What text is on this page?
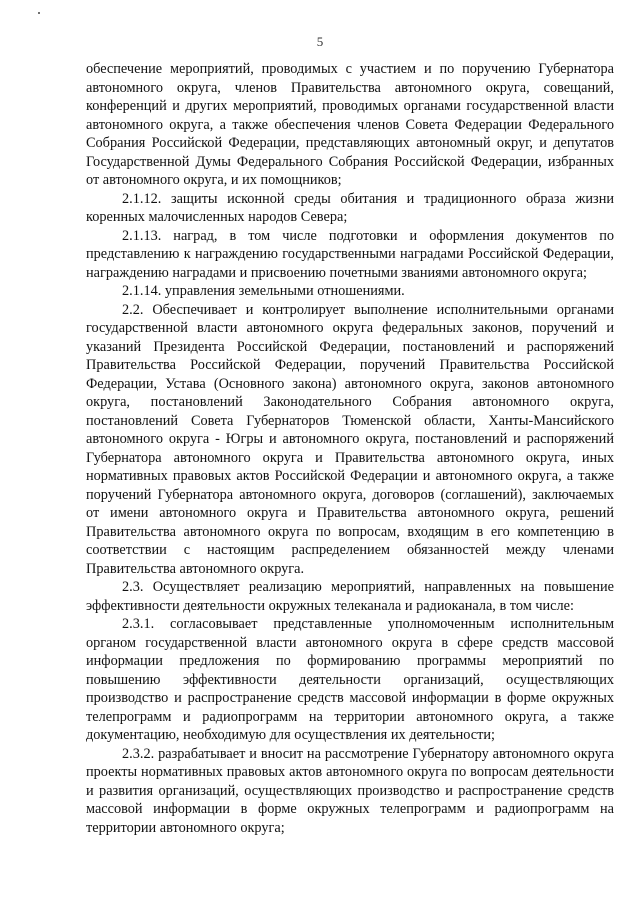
5

обеспечение мероприятий, проводимых с участием и по поручению Губернатора автономного округа, членов Правительства автономного округа, совещаний, конференций и других мероприятий, проводимых органами государственной власти автономного округа, а также обеспечения членов Совета Федерации Федерального Собрания Российской Федерации, представляющих автономный округ, и депутатов Государственной Думы Федерального Собрания Российской Федерации, избранных от автономного округа, и их помощников;

2.1.12. защиты исконной среды обитания и традиционного образа жизни коренных малочисленных народов Севера;

2.1.13. наград, в том числе подготовки и оформления документов по представлению к награждению государственными наградами Российской Федерации, награждению наградами и присвоению почетными званиями автономного округа;

2.1.14. управления земельными отношениями.

2.2. Обеспечивает и контролирует выполнение исполнительными органами государственной власти автономного округа федеральных законов, поручений и указаний Президента Российской Федерации, постановлений и распоряжений Правительства Российской Федерации, поручений Правительства Российской Федерации, Устава (Основного закона) автономного округа, законов автономного округа, постановлений Законодательного Собрания автономного округа, постановлений Совета Губернаторов Тюменской области, Ханты-Мансийского автономного округа - Югры и автономного округа, постановлений и распоряжений Губернатора автономного округа и Правительства автономного округа, иных нормативных правовых актов Российской Федерации и автономного округа, а также поручений Губернатора автономного округа, договоров (соглашений), заключаемых от имени автономного округа и Правительства автономного округа, решений Правительства автономного округа по вопросам, входящим в его компетенцию в соответствии с настоящим распределением обязанностей между членами Правительства автономного округа.

2.3. Осуществляет реализацию мероприятий, направленных на повышение эффективности деятельности окружных телеканала и радиоканала, в том числе:

2.3.1. согласовывает представленные уполномоченным исполнительным органом государственной власти автономного округа в сфере средств массовой информации предложения по формированию программы мероприятий по повышению эффективности деятельности организаций, осуществляющих производство и распространение средств массовой информации в форме окружных телепрограмм и радиопрограмм на территории автономного округа, а также документацию, необходимую для осуществления их деятельности;

2.3.2. разрабатывает и вносит на рассмотрение Губернатору автономного округа проекты нормативных правовых актов автономного округа по вопросам деятельности и развития организаций, осуществляющих производство и распространение средств массовой информации в форме окружных телепрограмм и радиопрограмм на территории автономного округа;
